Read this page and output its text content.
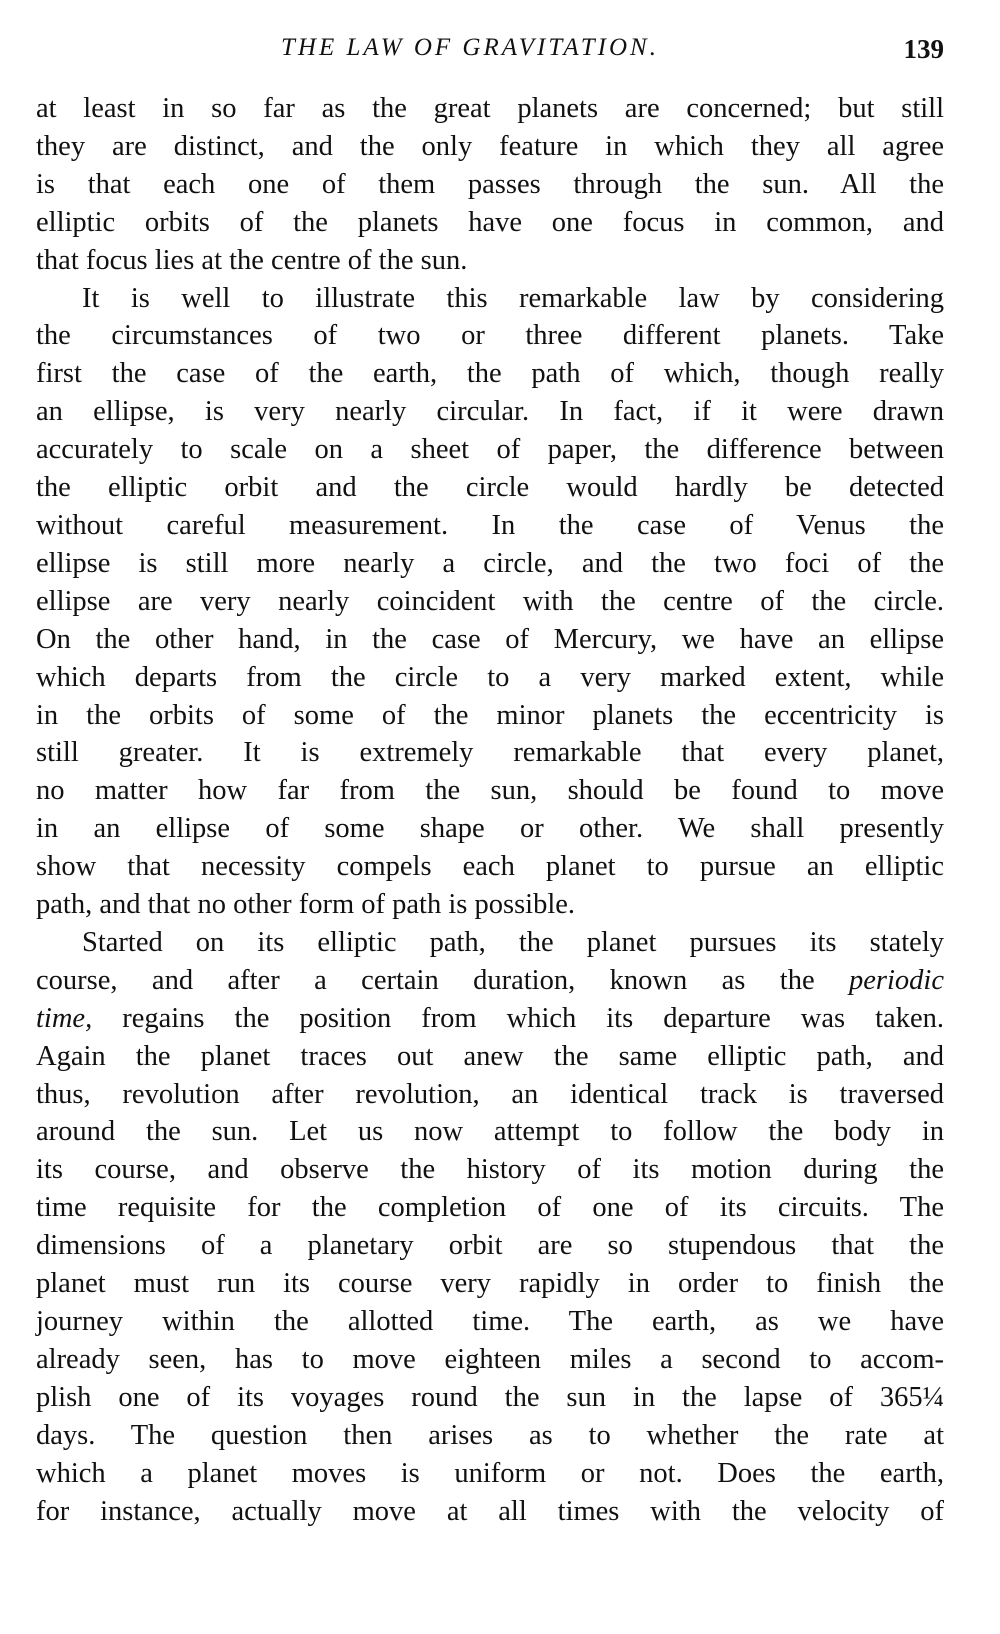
THE LAW OF GRAVITATION.	139

at least in so far as the great planets are concerned; but still
they are distinct, and the only feature in which they all agree
is that each one of them passes through the sun. All the
elliptic orbits of the planets have one focus in common, and
that focus lies at the centre of the sun.

It is well to illustrate this remarkable law by considering
the circumstances of two or three different planets. Take
first the case of the earth, the path of which, though really
an ellipse, is very nearly circular. In fact, if it were drawn
accurately to scale on a sheet of paper, the difference between
the elliptic orbit and the circle would hardly be detected
without careful measurement. In the case of Venus the
ellipse is still more nearly a circle, and the two foci of the
ellipse are very nearly coincident with the centre of the circle.
On the other hand, in the case of Mercury, we have an ellipse
which departs from the circle to a very marked extent, while
in the orbits of some of the minor planets the eccentricity is
still greater. It is extremely remarkable that every planet,
no matter how far from the sun, should be found to move
in an ellipse of some shape or other. We shall presently
show that necessity compels each planet to pursue an elliptic
path, and that no other form of path is possible.

Started on its elliptic path, the planet pursues its stately
course, and after a certain duration, known as the periodic
time, regains the position from which its departure was taken.
Again the planet traces out anew the same elliptic path, and
thus, revolution after revolution, an identical track is traversed
around the sun. Let us now attempt to follow the body in
its course, and observe the history of its motion during the
time requisite for the completion of one of its circuits. The
dimensions of a planetary orbit are so stupendous that the
planet must run its course very rapidly in order to finish the
journey within the allotted time. The earth, as we have
already seen, has to move eighteen miles a second to accom-
plish one of its voyages round the sun in the lapse of 365¼
days. The question then arises as to whether the rate at
which a planet moves is uniform or not. Does the earth,
for instance, actually move at all times with the velocity of
